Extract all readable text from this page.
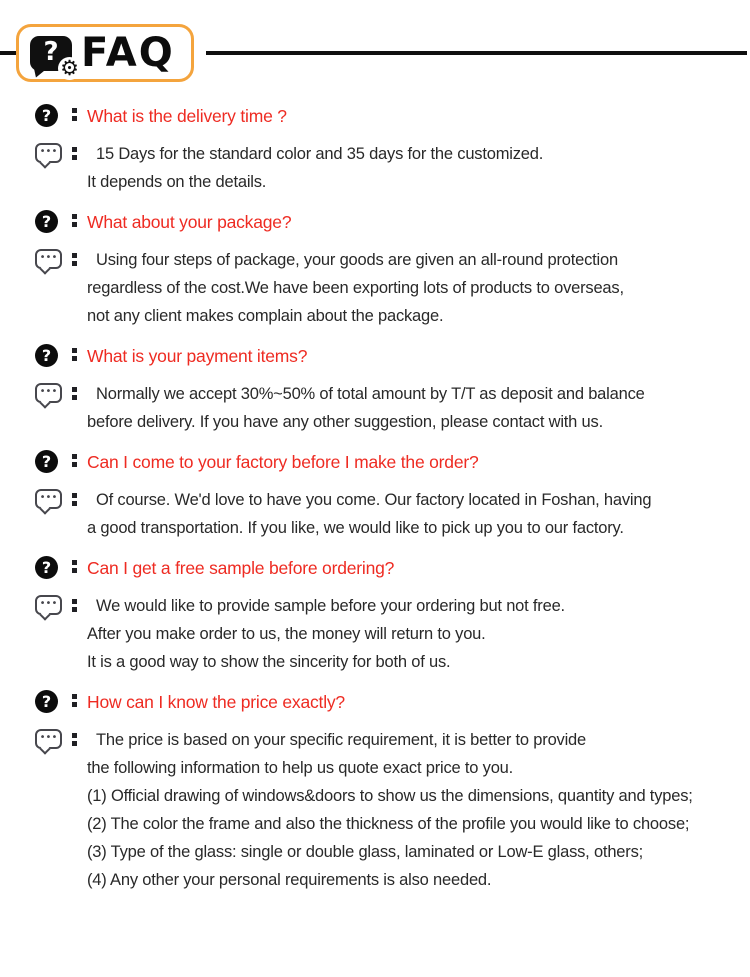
?
⚙ FAQ
?	What is the delivery time ?
•••	15 Days for the standard color and 35 days for the customized.
It depends on the details.
?	What about your package?
•••	Using four steps of package, your goods are given an all-round protection
regardless of the cost.We have been exporting lots of products to overseas,
not any client makes complain about the package.
?	What is your payment items?
•••	Normally we accept 30%~50% of total amount by T/T as deposit and balance
before delivery. If you have any other suggestion, please contact with us.
?	Can I come to your factory before I make the order?
•••	Of course. We'd love to have you come. Our factory located in Foshan, having
a good transportation. If you like, we would like to pick up you to our factory.
?	Can I get a free sample before ordering?
•••	We would like to provide sample before your ordering but not free.
After you make order to us, the money will return to you.
It is a good way to show the sincerity for both of us.
?	How can I know the price exactly?
•••	The price is based on your specific requirement, it is better to provide
the following information to help us quote exact price to you.
(1) Official drawing of windows&doors to show us the dimensions, quantity and types;
(2) The color the frame and also the thickness of the profile you would like to choose;
(3) Type of the glass: single or double glass, laminated or Low-E glass, others;
(4) Any other your personal requirements is also needed.
